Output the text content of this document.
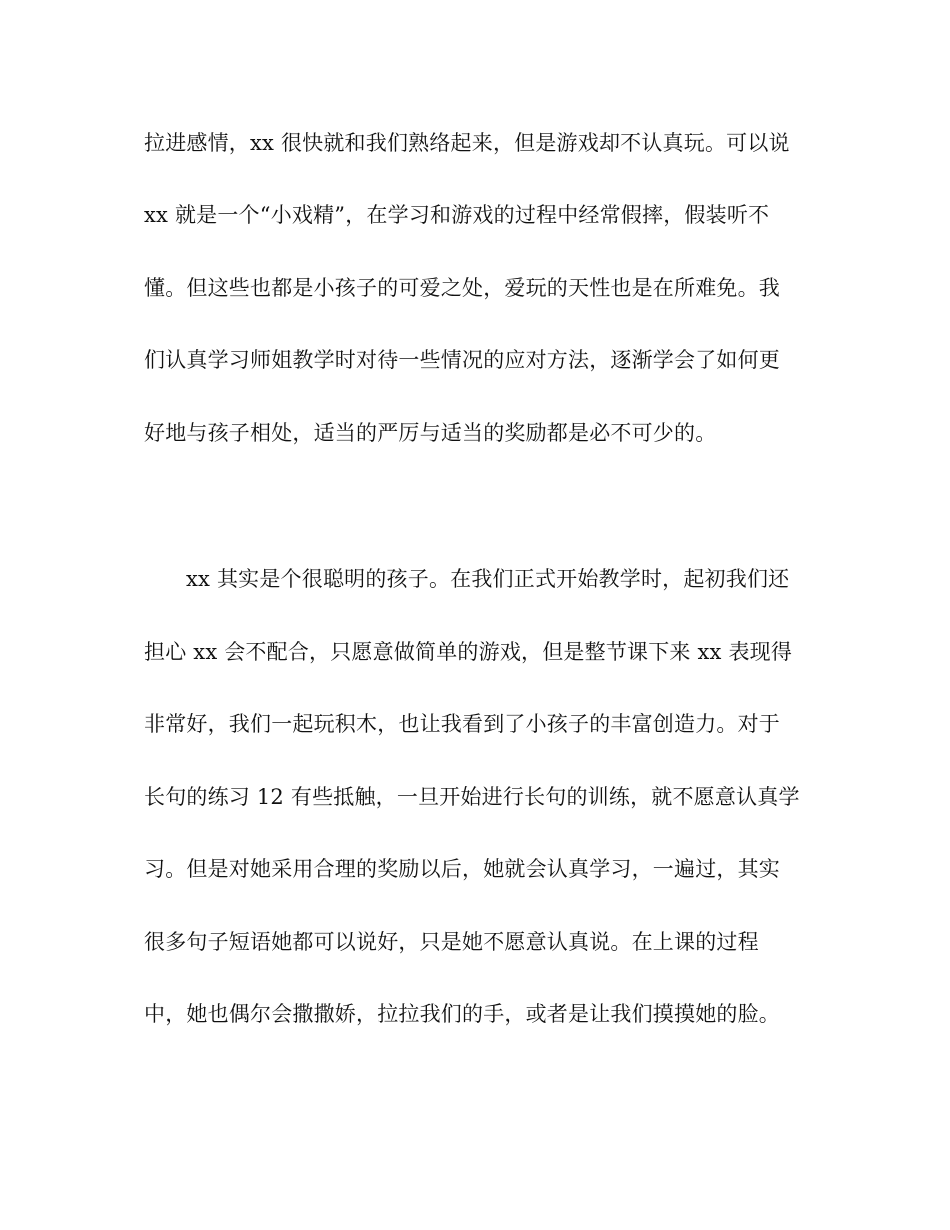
拉进感情，xx 很快就和我们熟络起来，但是游戏却不认真玩。可以说
xx 就是一个“小戏精”，在学习和游戏的过程中经常假摔，假装听不
懂。但这些也都是小孩子的可爱之处，爱玩的天性也是在所难免。我
们认真学习师姐教学时对待一些情况的应对方法，逐渐学会了如何更
好地与孩子相处，适当的严厉与适当的奖励都是必不可少的。
xx 其实是个很聪明的孩子。在我们正式开始教学时，起初我们还
担心 xx 会不配合，只愿意做简单的游戏，但是整节课下来 xx 表现得
非常好，我们一起玩积木，也让我看到了小孩子的丰富创造力。对于
长句的练习 12 有些抵触，一旦开始进行长句的训练，就不愿意认真学
习。但是对她采用合理的奖励以后，她就会认真学习，一遍过，其实
很多句子短语她都可以说好，只是她不愿意认真说。在上课的过程
中，她也偶尔会撒撒娇，拉拉我们的手，或者是让我们摸摸她的脸。
